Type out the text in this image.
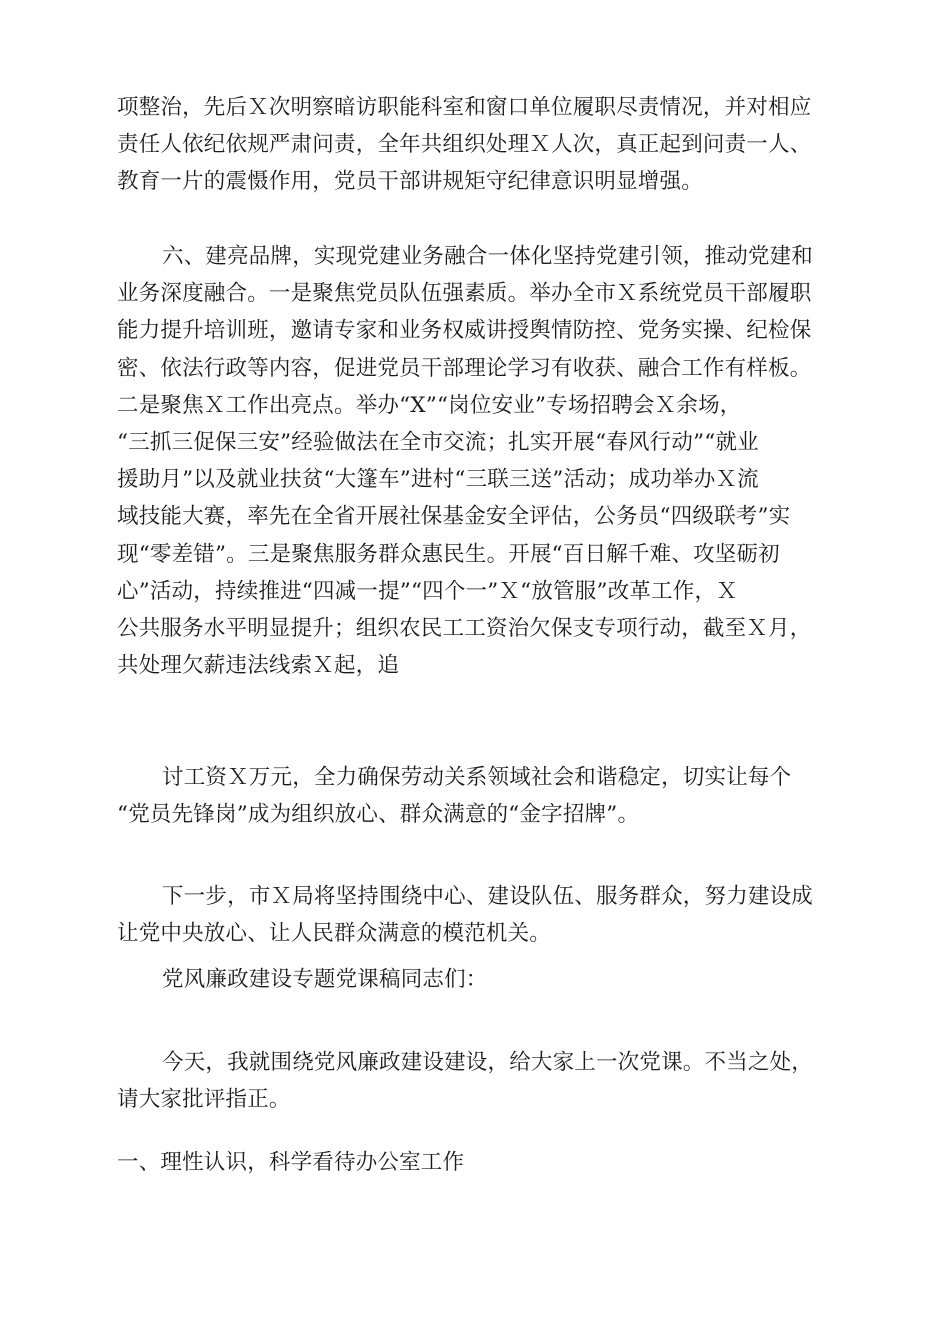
项整治，先后Ｘ次明察暗访职能科室和窗口单位履职尽责情况，并对相应
责任人依纪依规严肃问责，全年共组织处理Ｘ人次，真正起到问责一人、
教育一片的震慑作用，党员干部讲规矩守纪律意识明显增强。

六、建亮品牌，实现党建业务融合一体化坚持党建引领，推动党建和
业务深度融合。一是聚焦党员队伍强素质。举办全市Ｘ系统党员干部履职
能力提升培训班，邀请专家和业务权威讲授舆情防控、党务实操、纪检保
密、依法行政等内容，促进党员干部理论学习有收获、融合工作有样板。
二是聚焦Ｘ工作出亮点。举办“X”“岗位安业”专场招聘会Ｘ余场，
“三抓三促保三安”经验做法在全市交流；扎实开展“春风行动”“就业
援助月”以及就业扶贫“大篷车”进村“三联三送”活动；成功举办Ｘ流
域技能大赛，率先在全省开展社保基金安全评估，公务员“四级联考”实
现“零差错”。三是聚焦服务群众惠民生。开展“百日解千难、攻坚砺初
心”活动，持续推进“四减一提”“四个一”Ｘ“放管服”改革工作，Ｘ
公共服务水平明显提升；组织农民工工资治欠保支专项行动，截至Ｘ月，
共处理欠薪违法线索Ｘ起，追

讨工资Ｘ万元，全力确保劳动关系领域社会和谐稳定，切实让每个
“党员先锋岗”成为组织放心、群众满意的“金字招牌”。

下一步，市Ｘ局将坚持围绕中心、建设队伍、服务群众，努力建设成
让党中央放心、让人民群众满意的模范机关。

党风廉政建设专题党课稿同志们：

今天，我就围绕党风廉政建设建设，给大家上一次党课。不当之处，
请大家批评指正。

一、理性认识，科学看待办公室工作
